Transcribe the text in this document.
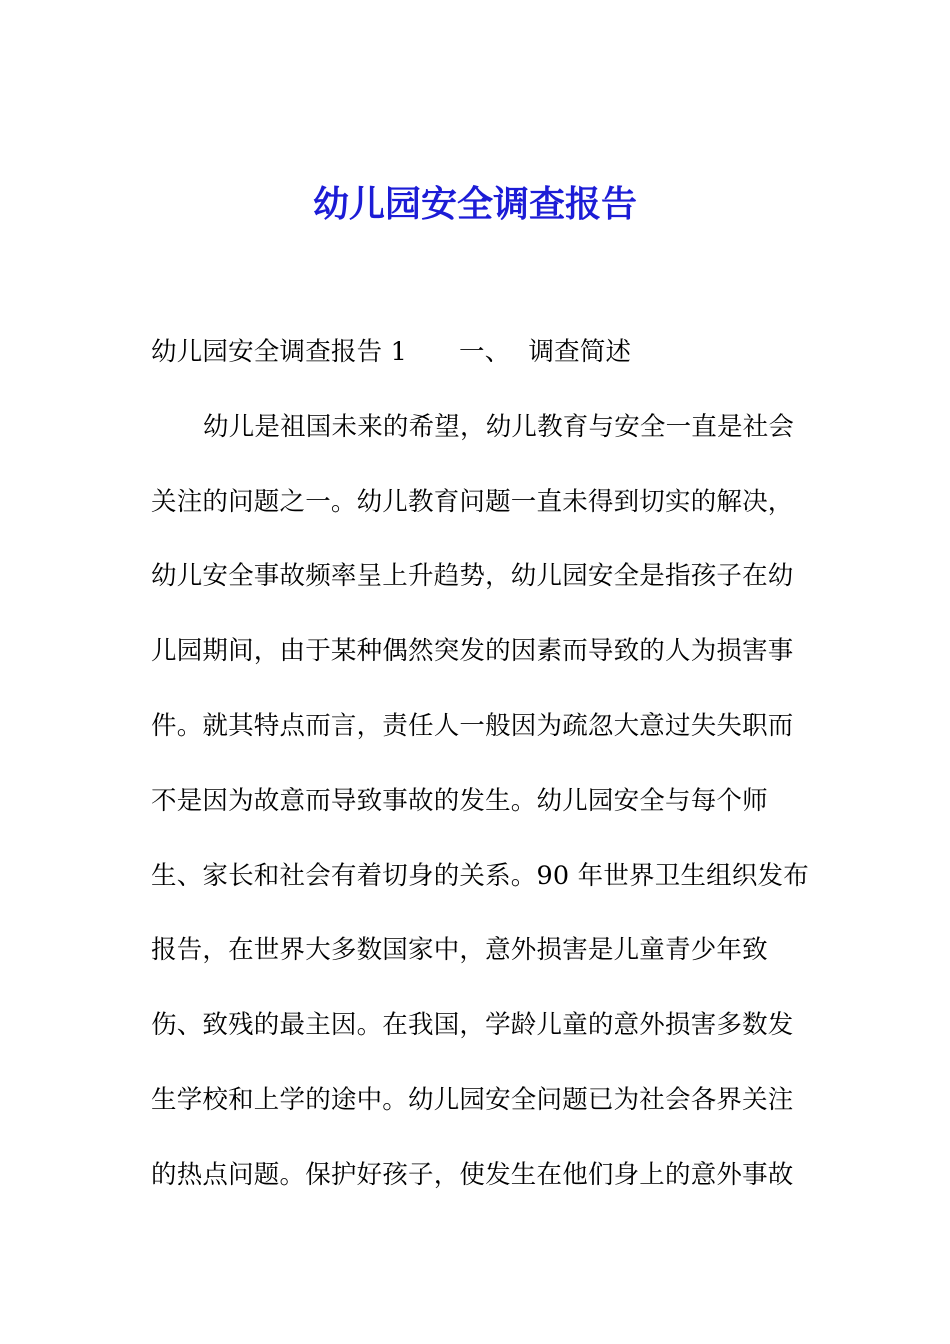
幼儿园安全调查报告
幼儿园安全调查报告 1 一、 调查简述
幼儿是祖国未来的希望，幼儿教育与安全一直是社会
关注的问题之一。幼儿教育问题一直未得到切实的解决，
幼儿安全事故频率呈上升趋势，幼儿园安全是指孩子在幼
儿园期间，由于某种偶然突发的因素而导致的人为损害事
件。就其特点而言，责任人一般因为疏忽大意过失失职而
不是因为故意而导致事故的发生。幼儿园安全与每个师
生、家长和社会有着切身的关系。90 年世界卫生组织发布
报告，在世界大多数国家中，意外损害是儿童青少年致
伤、致残的最主因。在我国，学龄儿童的意外损害多数发
生学校和上学的途中。幼儿园安全问题已为社会各界关注
的热点问题。保护好孩子，使发生在他们身上的意外事故
